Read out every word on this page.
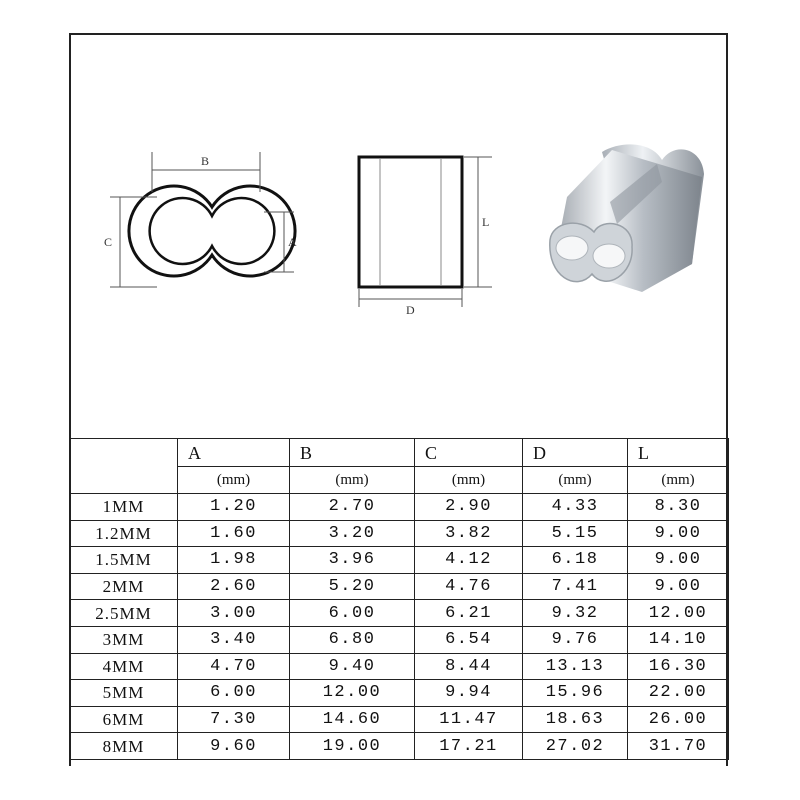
B
C	A
L
D
	A	B	C	D	L
	(mm)	(mm)	(mm)	(mm)	(mm)
1MM	1.20	2.70	2.90	4.33	8.30
1.2MM	1.60	3.20	3.82	5.15	9.00
1.5MM	1.98	3.96	4.12	6.18	9.00
2MM	2.60	5.20	4.76	7.41	9.00
2.5MM	3.00	6.00	6.21	9.32	12.00
3MM	3.40	6.80	6.54	9.76	14.10
4MM	4.70	9.40	8.44	13.13	16.30
5MM	6.00	12.00	9.94	15.96	22.00
6MM	7.30	14.60	11.47	18.63	26.00
8MM	9.60	19.00	17.21	27.02	31.70
